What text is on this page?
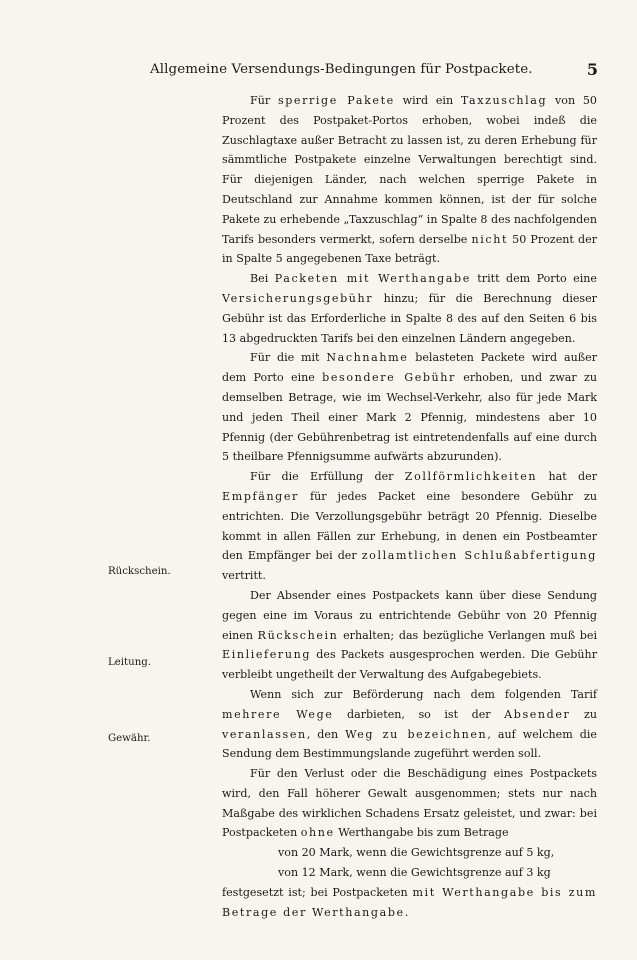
Allgemeine Versendungs-Bedingungen für Postpackete.	5
Rückschein.
Leitung.
Gewähr.

Für sperrige Pakete wird ein Taxzuschlag von 50 Prozent des Postpaket-Portos erhoben, wobei indeß die Zuschlagtaxe außer Betracht zu lassen ist, zu deren Erhebung für sämmtliche Postpakete einzelne Verwaltungen berechtigt sind. Für diejenigen Länder, nach welchen sperrige Pakete in Deutschland zur Annahme kommen können, ist der für solche Pakete zu erhebende „Taxzuschlag“ in Spalte 8 des nachfolgenden Tarifs besonders vermerkt, sofern derselbe nicht 50 Prozent der in Spalte 5 angegebenen Taxe beträgt.

Bei Packeten mit Werthangabe tritt dem Porto eine Versicherungsgebühr hinzu; für die Berechnung dieser Gebühr ist das Erforderliche in Spalte 8 des auf den Seiten 6 bis 13 abgedruckten Tarifs bei den einzelnen Ländern angegeben.

Für die mit Nachnahme belasteten Packete wird außer dem Porto eine besondere Gebühr erhoben, und zwar zu demselben Betrage, wie im Wechsel-Verkehr, also für jede Mark und jeden Theil einer Mark 2 Pfennig, mindestens aber 10 Pfennig (der Gebührenbetrag ist eintretendenfalls auf eine durch 5 theilbare Pfennigsumme aufwärts abzurunden).

Für die Erfüllung der Zollförmlichkeiten hat der Empfänger für jedes Packet eine besondere Gebühr zu entrichten. Die Verzollungsgebühr beträgt 20 Pfennig. Dieselbe kommt in allen Fällen zur Erhebung, in denen ein Postbeamter den Empfänger bei der zollamtlichen Schlußabfertigung vertritt.

Der Absender eines Postpackets kann über diese Sendung gegen eine im Voraus zu entrichtende Gebühr von 20 Pfennig einen Rückschein erhalten; das bezügliche Verlangen muß bei Einlieferung des Packets ausgesprochen werden. Die Gebühr verbleibt ungetheilt der Verwaltung des Aufgabegebiets.

Wenn sich zur Beförderung nach dem folgenden Tarif mehrere Wege darbieten, so ist der Absender zu veranlassen, den Weg zu bezeichnen, auf welchem die Sendung dem Bestimmungslande zugeführt werden soll.

Für den Verlust oder die Beschädigung eines Postpackets wird, den Fall höherer Gewalt ausgenommen; stets nur nach Maßgabe des wirklichen Schadens Ersatz geleistet, und zwar: bei Postpacketen ohne Werthangabe bis zum Betrage
von 20 Mark, wenn die Gewichtsgrenze auf 5 kg,
von 12 Mark, wenn die Gewichtsgrenze auf 3 kg

festgesetzt ist; bei Postpacketen mit Werthangabe bis zum Betrage der Werthangabe.
